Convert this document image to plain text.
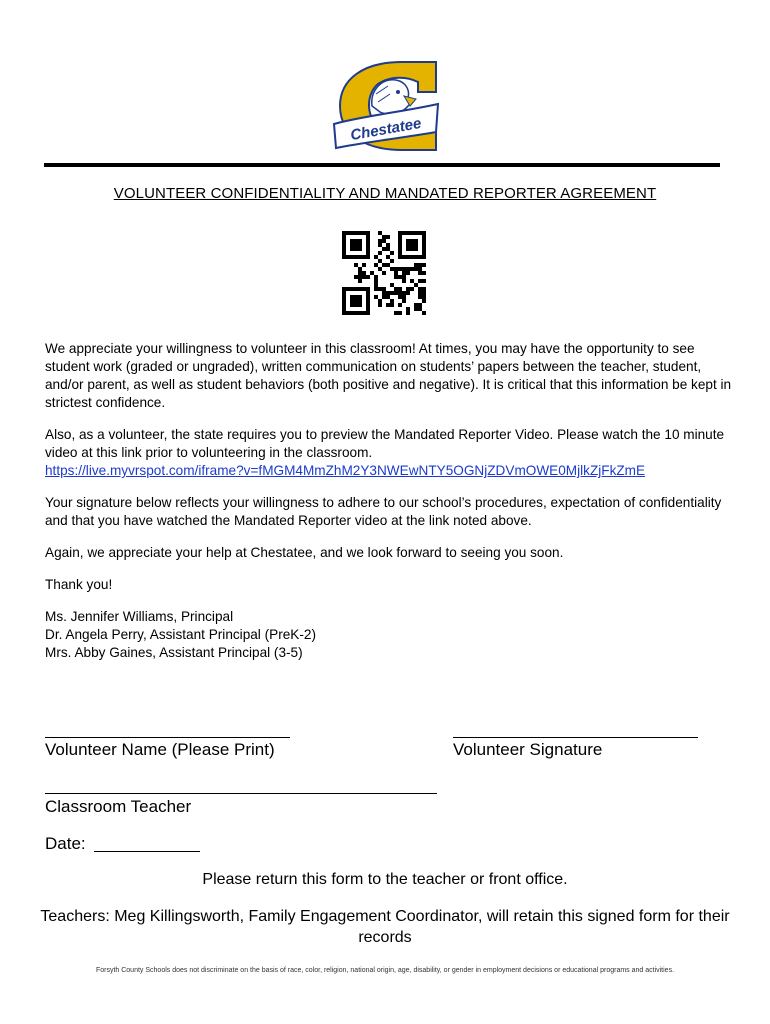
Chestatee
VOLUNTEER CONFIDENTIALITY AND MANDATED REPORTER AGREEMENT

We appreciate your willingness to volunteer in this classroom! At times, you may have the opportunity to see student work (graded or ungraded), written communication on students’ papers between the teacher, student, and/or parent, as well as student behaviors (both positive and negative). It is critical that this information be kept in strictest confidence.

Also, as a volunteer, the state requires you to preview the Mandated Reporter Video. Please watch the 10 minute video at this link prior to volunteering in the classroom.
https://live.myvrspot.com/iframe?v=fMGM4MmZhM2Y3NWEwNTY5OGNjZDVmOWE0MjlkZjFkZmE

Your signature below reflects your willingness to adhere to our school’s procedures, expectation of confidentiality and that you have watched the Mandated Reporter video at the link noted above.

Again, we appreciate your help at Chestatee, and we look forward to seeing you soon.

Thank you!

Ms. Jennifer Williams, Principal
Dr. Angela Perry, Assistant Principal (PreK-2)
Mrs. Abby Gaines, Assistant Principal (3-5)
Volunteer Name (Please Print)	Volunteer Signature
Classroom Teacher
Date:
Please return this form to the teacher or front office.
Teachers: Meg Killingsworth, Family Engagement Coordinator, will retain this signed form for their records
Forsyth County Schools does not discriminate on the basis of race, color, religion, national origin, age, disability, or gender in employment decisions or educational programs and activities.
